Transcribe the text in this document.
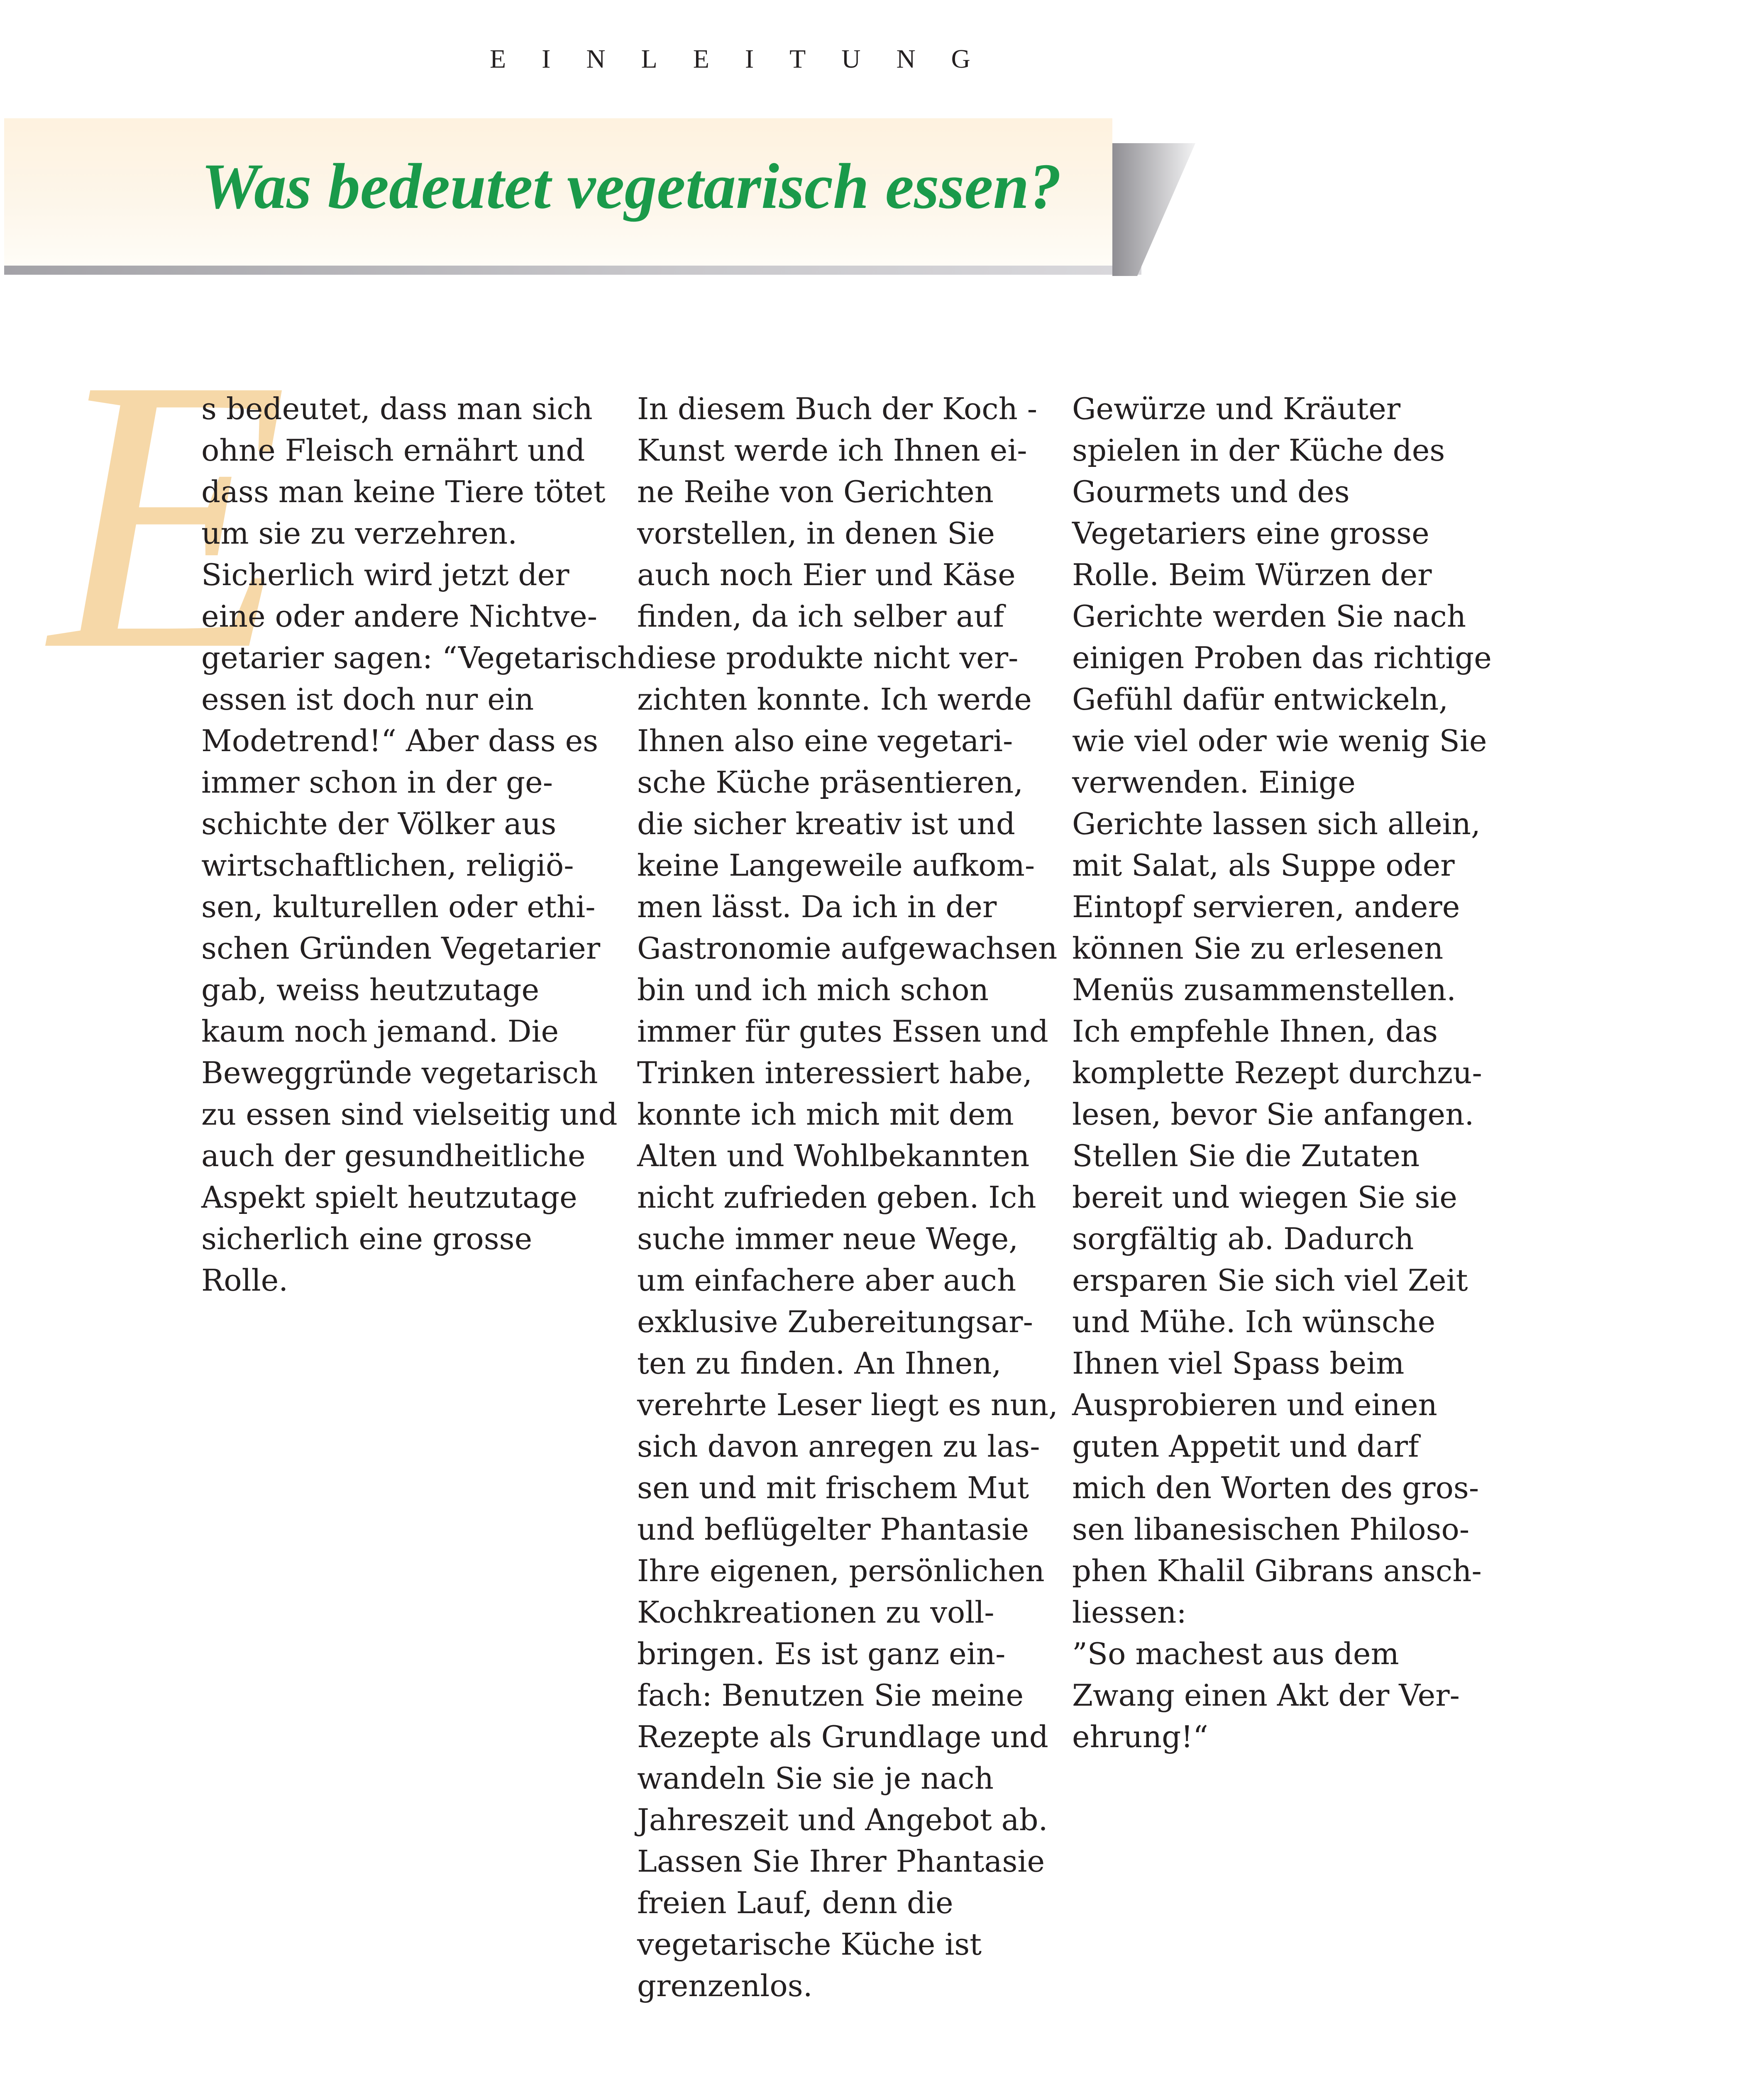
EINLEITUNG
Was bedeutet vegetarisch essen?
E
s bedeutet, dass man sich
ohne Fleisch ernährt und
dass man keine Tiere tötet
um sie zu verzehren.
Sicherlich wird jetzt der
eine oder andere Nichtve-
getarier sagen: “Vegetarisch
essen ist doch nur ein
Modetrend!“ Aber dass es
immer schon in der ge-
schichte der Völker aus
wirtschaftlichen, religiö-
sen, kulturellen oder ethi-
schen Gründen Vegetarier
gab, weiss heutzutage
kaum noch jemand. Die
Beweggründe vegetarisch
zu essen sind vielseitig und
auch der gesundheitliche
Aspekt spielt heutzutage
sicherlich eine grosse
Rolle.
In diesem Buch der Koch -
Kunst werde ich Ihnen ei-
ne Reihe von Gerichten
vorstellen, in denen Sie
auch noch Eier und Käse
finden, da ich selber auf
diese produkte nicht ver-
zichten konnte. Ich werde
Ihnen also eine vegetari-
sche Küche präsentieren,
die sicher kreativ ist und
keine Langeweile aufkom-
men lässt. Da ich in der
Gastronomie aufgewachsen
bin und ich mich schon
immer für gutes Essen und
Trinken interessiert habe,
konnte ich mich mit dem
Alten und Wohlbekannten
nicht zufrieden geben. Ich
suche immer neue Wege,
um einfachere aber auch
exklusive Zubereitungsar-
ten zu finden. An Ihnen,
verehrte Leser liegt es nun,
sich davon anregen zu las-
sen und mit frischem Mut
und beflügelter Phantasie
Ihre eigenen, persönlichen
Kochkreationen zu voll-
bringen. Es ist ganz ein-
fach: Benutzen Sie meine
Rezepte als Grundlage und
wandeln Sie sie je nach
Jahreszeit und Angebot ab.
Lassen Sie Ihrer Phantasie
freien Lauf, denn die
vegetarische Küche ist
grenzenlos.
Gewürze und Kräuter
spielen in der Küche des
Gourmets und des
Vegetariers eine grosse
Rolle. Beim Würzen der
Gerichte werden Sie nach
einigen Proben das richtige
Gefühl dafür entwickeln,
wie viel oder wie wenig Sie
verwenden. Einige
Gerichte lassen sich allein,
mit Salat, als Suppe oder
Eintopf servieren, andere
können Sie zu erlesenen
Menüs zusammenstellen.
Ich empfehle Ihnen, das
komplette Rezept durchzu-
lesen, bevor Sie anfangen.
Stellen Sie die Zutaten
bereit und wiegen Sie sie
sorgfältig ab. Dadurch
ersparen Sie sich viel Zeit
und Mühe. Ich wünsche
Ihnen viel Spass beim
Ausprobieren und einen
guten Appetit und darf
mich den Worten des gros-
sen libanesischen Philoso-
phen Khalil Gibrans ansch-
liessen:
”So machest aus dem
Zwang einen Akt der Ver-
ehrung!“
